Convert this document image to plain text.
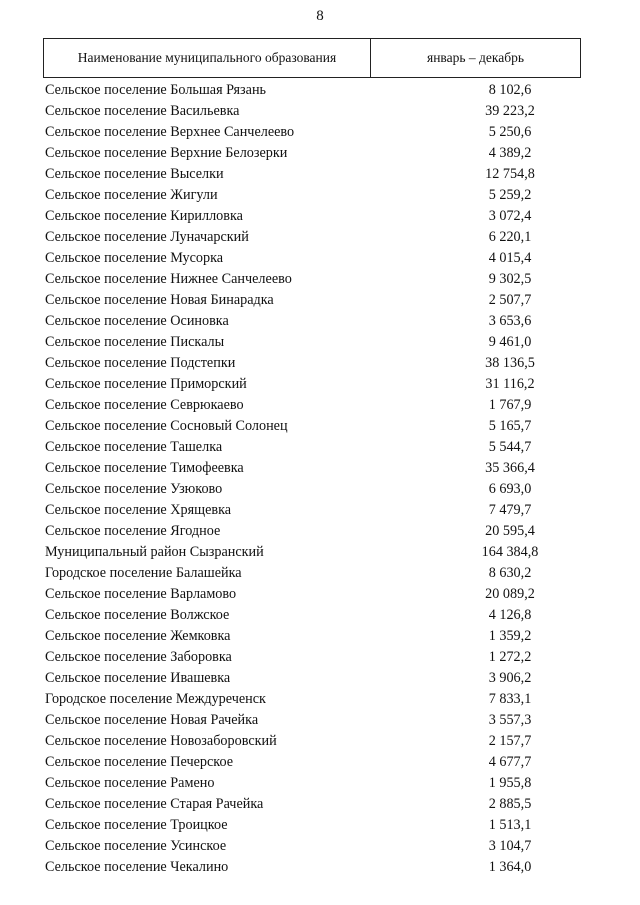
8
Наименование муниципального образования	январь – декабрь
Сельское поселение Большая Рязань	8 102,6
Сельское поселение Васильевка	39 223,2
Сельское поселение Верхнее Санчелеево	5 250,6
Сельское поселение Верхние Белозерки	4 389,2
Сельское поселение Выселки	12 754,8
Сельское поселение Жигули	5 259,2
Сельское поселение Кирилловка	3 072,4
Сельское поселение Луначарский	6 220,1
Сельское поселение Мусорка	4 015,4
Сельское поселение Нижнее Санчелеево	9 302,5
Сельское поселение Новая Бинарадка	2 507,7
Сельское поселение Осиновка	3 653,6
Сельское поселение Пискалы	9 461,0
Сельское поселение Подстепки	38 136,5
Сельское поселение Приморский	31 116,2
Сельское поселение Севрюкаево	1 767,9
Сельское поселение Сосновый Солонец	5 165,7
Сельское поселение Ташелка	5 544,7
Сельское поселение Тимофеевка	35 366,4
Сельское поселение Узюково	6 693,0
Сельское поселение Хрящевка	7 479,7
Сельское поселение Ягодное	20 595,4
Муниципальный район Сызранский	164 384,8
Городское поселение Балашейка	8 630,2
Сельское поселение Варламово	20 089,2
Сельское поселение Волжское	4 126,8
Сельское поселение Жемковка	1 359,2
Сельское поселение Заборовка	1 272,2
Сельское поселение Ивашевка	3 906,2
Городское поселение Междуреченск	7 833,1
Сельское поселение Новая Рачейка	3 557,3
Сельское поселение Новозаборовский	2 157,7
Сельское поселение Печерское	4 677,7
Сельское поселение Рамено	1 955,8
Сельское поселение Старая Рачейка	2 885,5
Сельское поселение Троицкое	1 513,1
Сельское поселение Усинское	3 104,7
Сельское поселение Чекалино	1 364,0
